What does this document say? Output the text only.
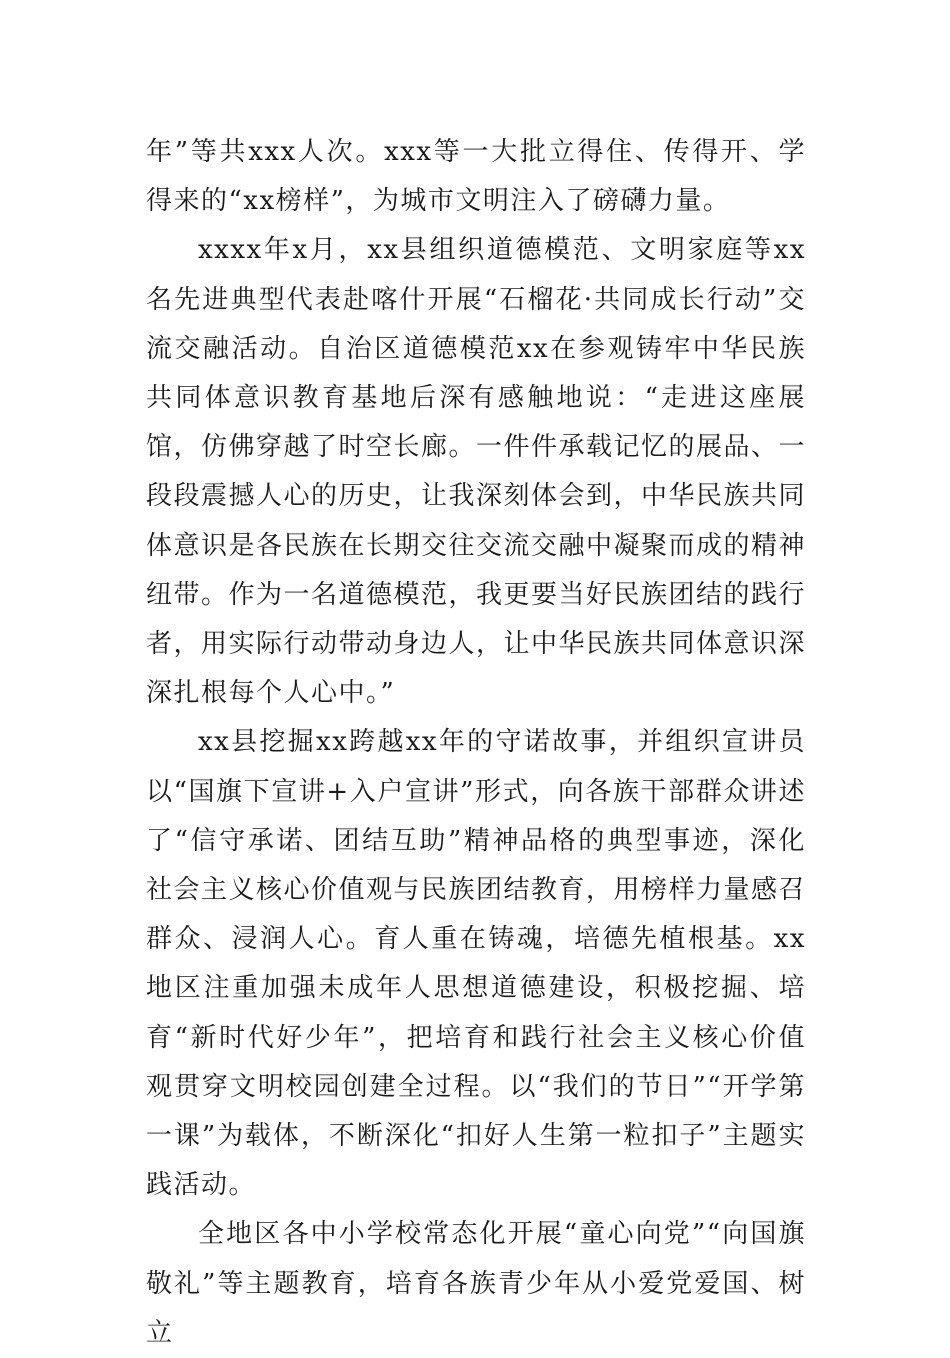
年”等共xxx人次。xxx等一大批立得住、传得开、学得来的“xx榜样”，为城市文明注入了磅礴力量。

xxxx年x月，xx县组织道德模范、文明家庭等xx名先进典型代表赴喀什开展“石榴花·共同成长行动”交流交融活动。自治区道德模范xx在参观铸牢中华民族共同体意识教育基地后深有感触地说：“走进这座展馆，仿佛穿越了时空长廊。一件件承载记忆的展品、一段段震撼人心的历史，让我深刻体会到，中华民族共同体意识是各民族在长期交往交流交融中凝聚而成的精神纽带。作为一名道德模范，我更要当好民族团结的践行者，用实际行动带动身边人，让中华民族共同体意识深深扎根每个人心中。”

xx县挖掘xx跨越xx年的守诺故事，并组织宣讲员以“国旗下宣讲+入户宣讲”形式，向各族干部群众讲述了“信守承诺、团结互助”精神品格的典型事迹，深化社会主义核心价值观与民族团结教育，用榜样力量感召群众、浸润人心。育人重在铸魂，培德先植根基。xx地区注重加强未成年人思想道德建设，积极挖掘、培育“新时代好少年”，把培育和践行社会主义核心价值观贯穿文明校园创建全过程。以“我们的节日”“开学第一课”为载体，不断深化“扣好人生第一粒扣子”主题实践活动。

全地区各中小学校常态化开展“童心向党”“向国旗敬礼”等主题教育，培育各族青少年从小爱党爱国、树立
